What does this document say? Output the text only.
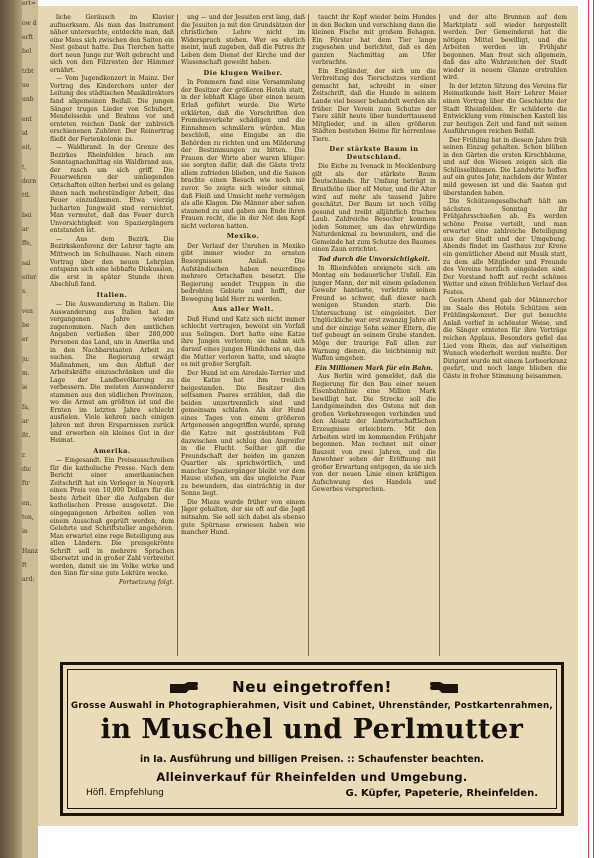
ert=
ow d
erft
bel
trbt
ue
unb
ent
id
eit,
t,
dern
ttl.
bei
ar
ffe,
sal
eiter
s.
ven
be
er
ju:
m.
ie
fa,
ar
ßt.
r.
dic
ftr
en,
ton,
in
Hanz
ft
ard:

liche Geräusch im Klavier aufmerksam. Als man das Instrument näher untersuchte, entdeckte man, daß eine Maus sich zwischen den Saiten ein Nest gebaut hatte. Das Tierchen hatte dort neun Junge zur Welt gebracht und sich von den Filzresten der Hämmer ernährt.

— Vom Jugendkonzert in Mainz. Der Vortrag des Kinderchors unter der Leitung des städtischen Musikdirektors fand allgemeinen Beifall. Die jungen Sänger trugen Lieder von Schubert, Mendelssohn und Brahms vor und ernteten reichen Dank der zahlreich erschienenen Zuhörer. Der Reinertrag fließt der Ferienkolonie zu.

— Waldbrand. In der Grenze des Bezirkes Rheinfelden brach am Sonntagnachmittag ein Waldbrand aus, der rasch um sich griff. Die Feuerwehren der umliegenden Ortschaften eilten herbei und es gelang ihnen nach mehrstündiger Arbeit, das Feuer einzudämmen. Etwa vierzig Jucharten Jungwald sind vernichtet. Man vermutet, daß das Feuer durch Unvorsichtigkeit von Spaziergängern entstanden ist.

— Aus dem Bezirk. Die Bezirkskonferenz der Lehrer tagte am Mittwoch im Schulhause. Nach einem Vortrag über den neuen Lehrplan entspann sich eine lebhafte Diskussion, die erst in später Stunde ihren Abschluß fand.

Italien.

— Die Auswanderung in Italien. Die Auswanderung aus Italien hat im vergangenen Jahre wieder zugenommen. Nach den amtlichen Angaben verließen über 280,000 Personen das Land, um in Amerika und in den Nachbarstaaten Arbeit zu suchen. Die Regierung erwägt Maßnahmen, um den Abfluß der Arbeitskräfte einzuschränken und die Lage der Landbevölkerung zu verbessern. Die meisten Auswanderer stammen aus den südlichen Provinzen, wo die Armut am größten ist und die Ernten im letzten Jahre schlecht ausfielen. Viele kehren nach einigen Jahren mit ihren Ersparnissen zurück und erwerben ein kleines Gut in der Heimat.

Amerika.

— Eingesandt. Ein Preisausschreiben für die katholische Presse. Nach dem Bericht einer amerikanischen Zeitschrift hat ein Verleger in Neuyork einen Preis von 10,000 Dollars für die beste Arbeit über die Aufgaben der katholischen Presse ausgesetzt. Die eingegangenen Arbeiten sollen von einem Ausschuß geprüft werden, dem Gelehrte und Schriftsteller angehören. Man erwartet eine rege Beteiligung aus allen Ländern. Die preisgekrönte Schrift soll in mehrere Sprachen übersetzt und in großer Zahl verbreitet werden, damit sie im Volke wirke und den Sinn für eine gute Lektüre wecke.

Fortsetzung folgt.

ung — und der Jesuiten erst lang, daß die Jesuiten ja mit den Grundsätzen der christlichen Lehre nicht im Widerspruch stehen. Wer es ehrlich meint, muß zugeben, daß die Patres ihr Leben dem Dienst der Kirche und der Wissenschaft geweiht haben.

Die klugen Weiber.

In Pommern fand eine Versammlung der Besitzer der größeren Hotels statt, in der lebhaft Klage über einen neuen Erlaß geführt wurde. Die Wirte erklärten, daß die Vorschriften den Fremdenverkehr schädigen und die Einnahmen schmälern würden. Man beschloß, eine Eingabe an die Behörden zu richten und um Milderung der Bestimmungen zu bitten. Die Frauen der Wirte aber waren klüger: sie sorgten dafür, daß die Gäste trotz allem zufrieden blieben, und die Saison brachte einen Besuch wie noch nie zuvor. So zeigte sich wieder einmal, daß Fleiß und Umsicht mehr vermögen als alle Klagen. Die Männer aber sahen staunend zu und gaben am Ende ihren Frauen recht, die in der Not den Kopf nicht verloren hatten.

Mexiko.

Der Verlauf der Unruhen in Mexiko gibt immer wieder zu ernsten Besorgnissen Anlaß. Die Aufständischen haben neuerdings mehrere Ortschaften besetzt. Die Regierung sendet Truppen in die bedrohten Gebiete und hofft, der Bewegung bald Herr zu werden.

Aus aller Welt.

Daß Hund und Katz sich nicht immer schlecht vertragen, beweist ein Vorfall aus Solingen. Dort hatte eine Katze ihre Jungen verloren; sie nahm sich darauf eines jungen Hündchens an, das die Mutter verloren hatte, und säugte es mit großer Sorgfalt.

Der Hund ist ein Airedale-Terrier und die Katze hat ihm treulich beigestanden. Die Besitzer des seltsamen Paares erzählen, daß die beiden unzertrennlich sind und gemeinsam schlafen. Als der Hund eines Tages von einem größeren Artgenossen angegriffen wurde, sprang die Katze mit gesträubtem Fell dazwischen und schlug den Angreifer in die Flucht. Seither gilt die Freundschaft der beiden im ganzen Quartier als sprichwörtlich, und mancher Spaziergänger bleibt vor dem Hause stehen, um das ungleiche Paar zu bewundern, das einträchtig in der Sonne liegt.

Die Mieze wurde früher von einem Jäger gehalten, der sie oft auf die Jagd mitnahm. Sie soll sich dabei als ebenso gute Spürnase erwiesen haben wie mancher Hund.

taucht ihr Kopf wieder beim Hundes in den Becken und verschlang dann die kleinen Fische mit großem Behagen. Ein Förster hat dem Tier lange zugesehen und berichtet, daß es den ganzen Nachmittag am Ufer verbrachte.

Ein Engländer, der sich um die Verbreitung des Tierschutzes verdient gemacht hat, schreibt in einer Zeitschrift, daß die Hunde in seinem Lande viel besser behandelt werden als früher. Der Verein zum Schutze der Tiere zählt heute über hunderttausend Mitglieder, und in allen größeren Städten bestehen Heime für herrenlose Tiere.

Der stärkste Baum in Deutschland.

Die Eiche zu Ivenack in Mecklenburg gilt als der stärkste Baum Deutschlands. Ihr Umfang beträgt in Brusthöhe über elf Meter, und ihr Alter wird auf mehr als tausend Jahre geschätzt. Der Baum ist noch völlig gesund und treibt alljährlich frisches Laub. Zahlreiche Besucher kommen jeden Sommer, um das ehrwürdige Naturdenkmal zu bewundern, und die Gemeinde hat zum Schutze des Baumes einen Zaun errichtet.

Tod durch die Unvorsichtigkeit.

In Rheinfelden ereignete sich am Montag ein bedauerlicher Unfall. Ein junger Mann, der mit einem geladenen Gewehr hantierte, verletzte seinen Freund so schwer, daß dieser nach wenigen Stunden starb. Die Untersuchung ist eingeleitet. Der Unglückliche war erst zwanzig Jahre alt und der einzige Sohn seiner Eltern, die tief gebeugt an seinem Grabe standen. Möge der traurige Fall allen zur Warnung dienen, die leichtsinnig mit Waffen umgehen.

Ein Millionen Mark für ein Bahn.

Aus Berlin wird gemeldet, daß die Regierung für den Bau einer neuen Eisenbahnlinie eine Million Mark bewilligt hat. Die Strecke soll die Landgemeinden des Ostens mit den großen Verkehrswegen verbinden und den Absatz der landwirtschaftlichen Erzeugnisse erleichtern. Mit den Arbeiten wird im kommenden Frühjahr begonnen. Man rechnet mit einer Bauzeit von zwei Jahren, und die Anwohner sehen der Eröffnung mit großer Erwartung entgegen, da sie sich von der neuen Linie einen kräftigen Aufschwung des Handels und Gewerbes versprechen.

und der alte Brunnen auf dem Marktplatz soll wieder hergestellt werden. Der Gemeinderat hat die nötigen Mittel bewilligt, und die Arbeiten werden im Frühjahr begonnen. Man freut sich allgemein, daß das alte Wahrzeichen der Stadt wieder in neuem Glanze erstrahlen wird.

In der letzten Sitzung des Vereins für Heimatkunde hielt Herr Lehrer Meier einen Vortrag über die Geschichte der Stadt Rheinfelden. Er schilderte die Entwicklung vom römischen Kastell bis zur heutigen Zeit und fand mit seinen Ausführungen reichen Beifall.

Der Frühling hat in diesem Jahre früh seinen Einzug gehalten. Schon blühen in den Gärten die ersten Kirschbäume, und auf den Wiesen zeigen sich die Schlüsselblumen. Die Landwirte hoffen auf ein gutes Jahr, nachdem der Winter mild gewesen ist und die Saaten gut überstanden haben.

Die Schützengesellschaft hält am nächsten Sonntag ihr Frühjahrsschießen ab. Es werden schöne Preise verteilt, und man erwartet eine zahlreiche Beteiligung aus der Stadt und der Umgebung. Abends findet im Gasthaus zur Krone ein gemütlicher Abend mit Musik statt, zu dem alle Mitglieder und Freunde des Vereins herzlich eingeladen sind. Der Vorstand hofft auf recht schönes Wetter und einen fröhlichen Verlauf des Festes.

Gestern Abend gab der Männerchor im Saale des Hotels Schützen sein Frühlingskonzert. Der gut besuchte Anlaß verlief in schönster Weise, und die Sänger ernteten für ihre Vorträge reichen Applaus. Besonders gefiel das Lied vom Rhein, das auf vielseitigen Wunsch wiederholt werden mußte. Der Dirigent wurde mit einem Lorbeerkranz geehrt, und noch lange blieben die Gäste in froher Stimmung beisammen.

Neu eingetroffen!
Grosse Auswahl in Photographierahmen, Visit und Cabinet, Uhrenständer, Postkartenrahmen,
in Muschel und Perlmutter
in Ia. Ausführung und billigen Preisen. :: Schaufenster beachten.
Alleinverkauf für Rheinfelden und Umgebung.
Höfl. Empfehlung	G. Küpfer, Papeterie, Rheinfelden.
